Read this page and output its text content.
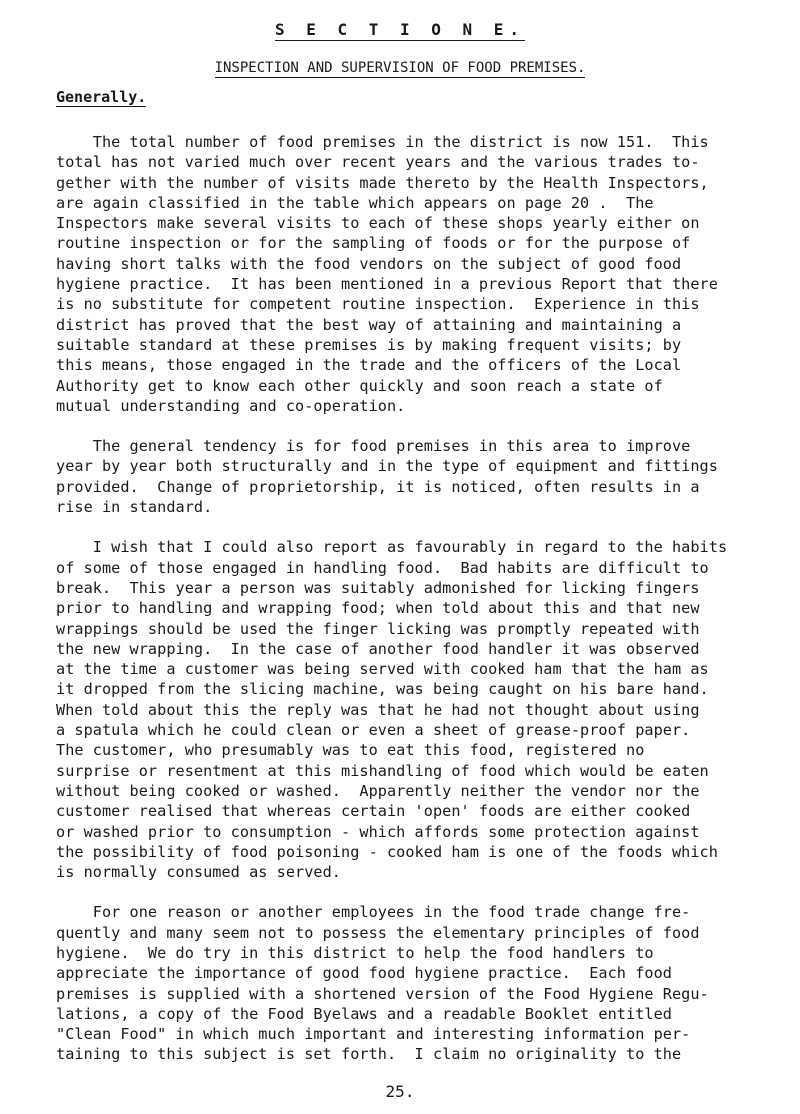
S E C T I O N E.
INSPECTION AND SUPERVISION OF FOOD PREMISES.
Generally.
The total number of food premises in the district is now 151.  This
total has not varied much over recent years and the various trades to-
gether with the number of visits made thereto by the Health Inspectors,
are again classified in the table which appears on page 20 .  The
Inspectors make several visits to each of these shops yearly either on
routine inspection or for the sampling of foods or for the purpose of
having short talks with the food vendors on the subject of good food
hygiene practice.  It has been mentioned in a previous Report that there
is no substitute for competent routine inspection.  Experience in this
district has proved that the best way of attaining and maintaining a
suitable standard at these premises is by making frequent visits; by
this means, those engaged in the trade and the officers of the Local
Authority get to know each other quickly and soon reach a state of
mutual understanding and co-operation.
The general tendency is for food premises in this area to improve
year by year both structurally and in the type of equipment and fittings
provided.  Change of proprietorship, it is noticed, often results in a
rise in standard.
I wish that I could also report as favourably in regard to the habits
of some of those engaged in handling food.  Bad habits are difficult to
break.  This year a person was suitably admonished for licking fingers
prior to handling and wrapping food; when told about this and that new
wrappings should be used the finger licking was promptly repeated with
the new wrapping.  In the case of another food handler it was observed
at the time a customer was being served with cooked ham that the ham as
it dropped from the slicing machine, was being caught on his bare hand.
When told about this the reply was that he had not thought about using
a spatula which he could clean or even a sheet of grease-proof paper.
The customer, who presumably was to eat this food, registered no
surprise or resentment at this mishandling of food which would be eaten
without being cooked or washed.  Apparently neither the vendor nor the
customer realised that whereas certain 'open' foods are either cooked
or washed prior to consumption - which affords some protection against
the possibility of food poisoning - cooked ham is one of the foods which
is normally consumed as served.
For one reason or another employees in the food trade change fre-
quently and many seem not to possess the elementary principles of food
hygiene.  We do try in this district to help the food handlers to
appreciate the importance of good food hygiene practice.  Each food
premises is supplied with a shortened version of the Food Hygiene Regu-
lations, a copy of the Food Byelaws and a readable Booklet entitled
"Clean Food" in which much important and interesting information per-
taining to this subject is set forth.  I claim no originality to the
25.
